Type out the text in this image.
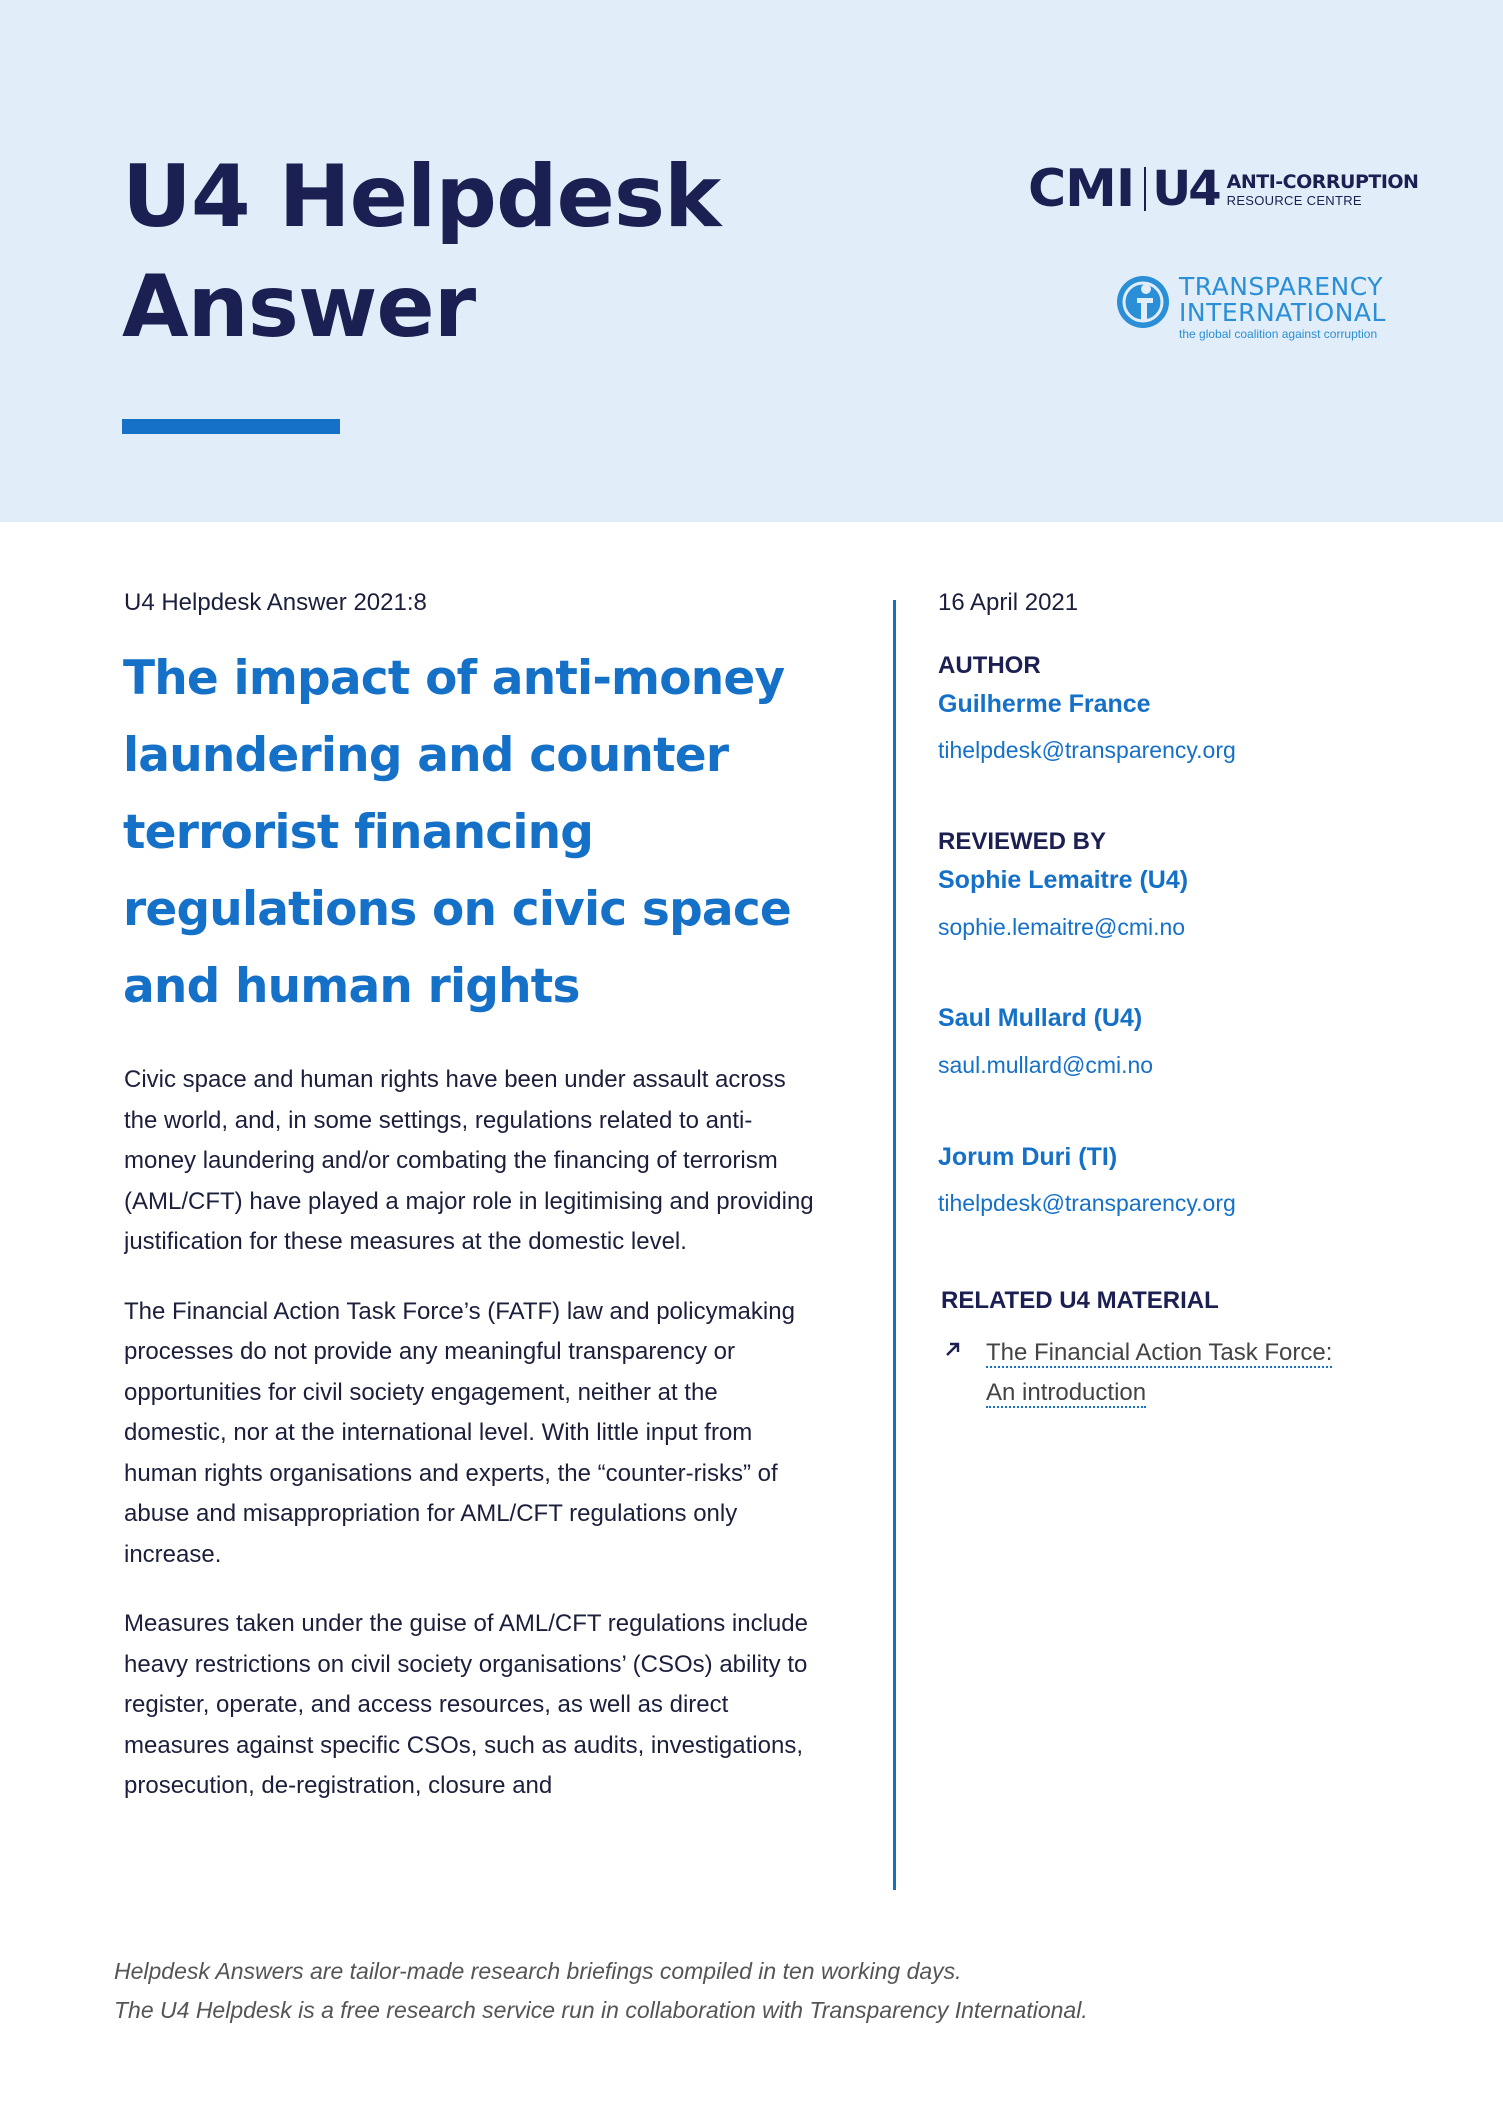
U4 Helpdesk
Answer
CMI U4 ANTI-CORRUPTION
RESOURCE CENTRE
TRANSPARENCY
INTERNATIONAL
the global coalition against corruption

U4 Helpdesk Answer 2021:8

The impact of anti-money laundering and counter terrorist financing regulations on civic space and human rights

Civic space and human rights have been under assault across the world, and, in some settings, regulations related to anti-money laundering and/or combating the financing of terrorism (AML/CFT) have played a major role in legitimising and providing justification for these measures at the domestic level.

The Financial Action Task Force’s (FATF) law and policymaking processes do not provide any meaningful transparency or opportunities for civil society engagement, neither at the domestic, nor at the international level. With little input from human rights organisations and experts, the “counter-risks” of abuse and misappropriation for AML/CFT regulations only increase.

Measures taken under the guise of AML/CFT regulations include heavy restrictions on civil society organisations’ (CSOs) ability to register, operate, and access resources, as well as direct measures against specific CSOs, such as audits, investigations, prosecution, de-registration, closure and

16 April 2021

AUTHOR

Guilherme France

tihelpdesk@transparency.org

REVIEWED BY

Sophie Lemaitre (U4)

sophie.lemaitre@cmi.no

Saul Mullard (U4)

saul.mullard@cmi.no

Jorum Duri (TI)

tihelpdesk@transparency.org

RELATED U4 MATERIAL

The Financial Action Task Force: An introduction

Helpdesk Answers are tailor-made research briefings compiled in ten working days.

The U4 Helpdesk is a free research service run in collaboration with Transparency International.
